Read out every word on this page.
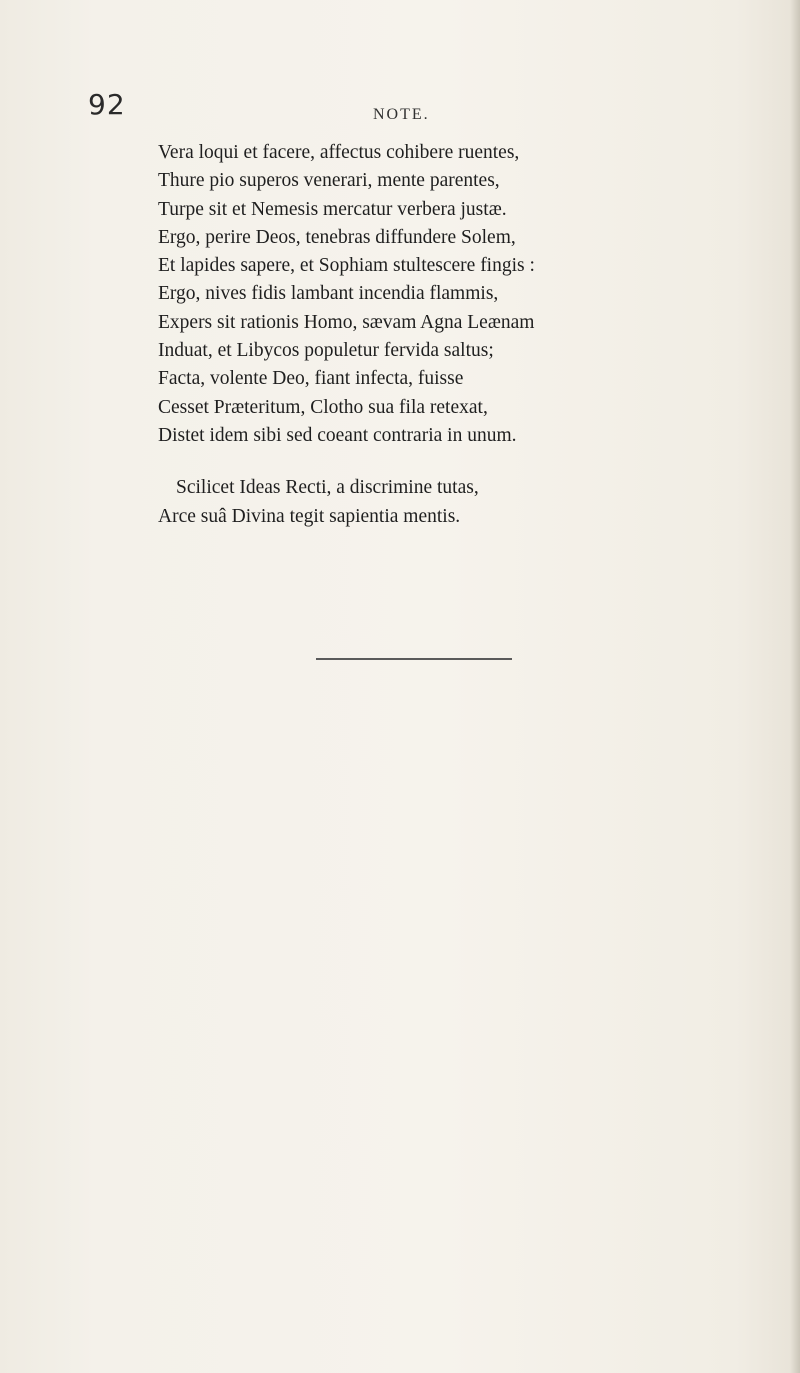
92	NOTE.
Vera loqui et facere, affectus cohibere ruentes,
Thure pio superos venerari, mente parentes,
Turpe sit et Nemesis mercatur verbera justæ.
Ergo, perire Deos, tenebras diffundere Solem,
Et lapides sapere, et Sophiam stultescere fingis :
Ergo, nives fidis lambant incendia flammis,
Expers sit rationis Homo, sævam Agna Leænam
Induat, et Libycos populetur fervida saltus;
Facta, volente Deo, fiant infecta, fuisse
Cesset Præteritum, Clotho sua fila retexat,
Distet idem sibi sed coeant contraria in unum.
Scilicet Ideas Recti, a discrimine tutas,
Arce suâ Divina tegit sapientia mentis.
